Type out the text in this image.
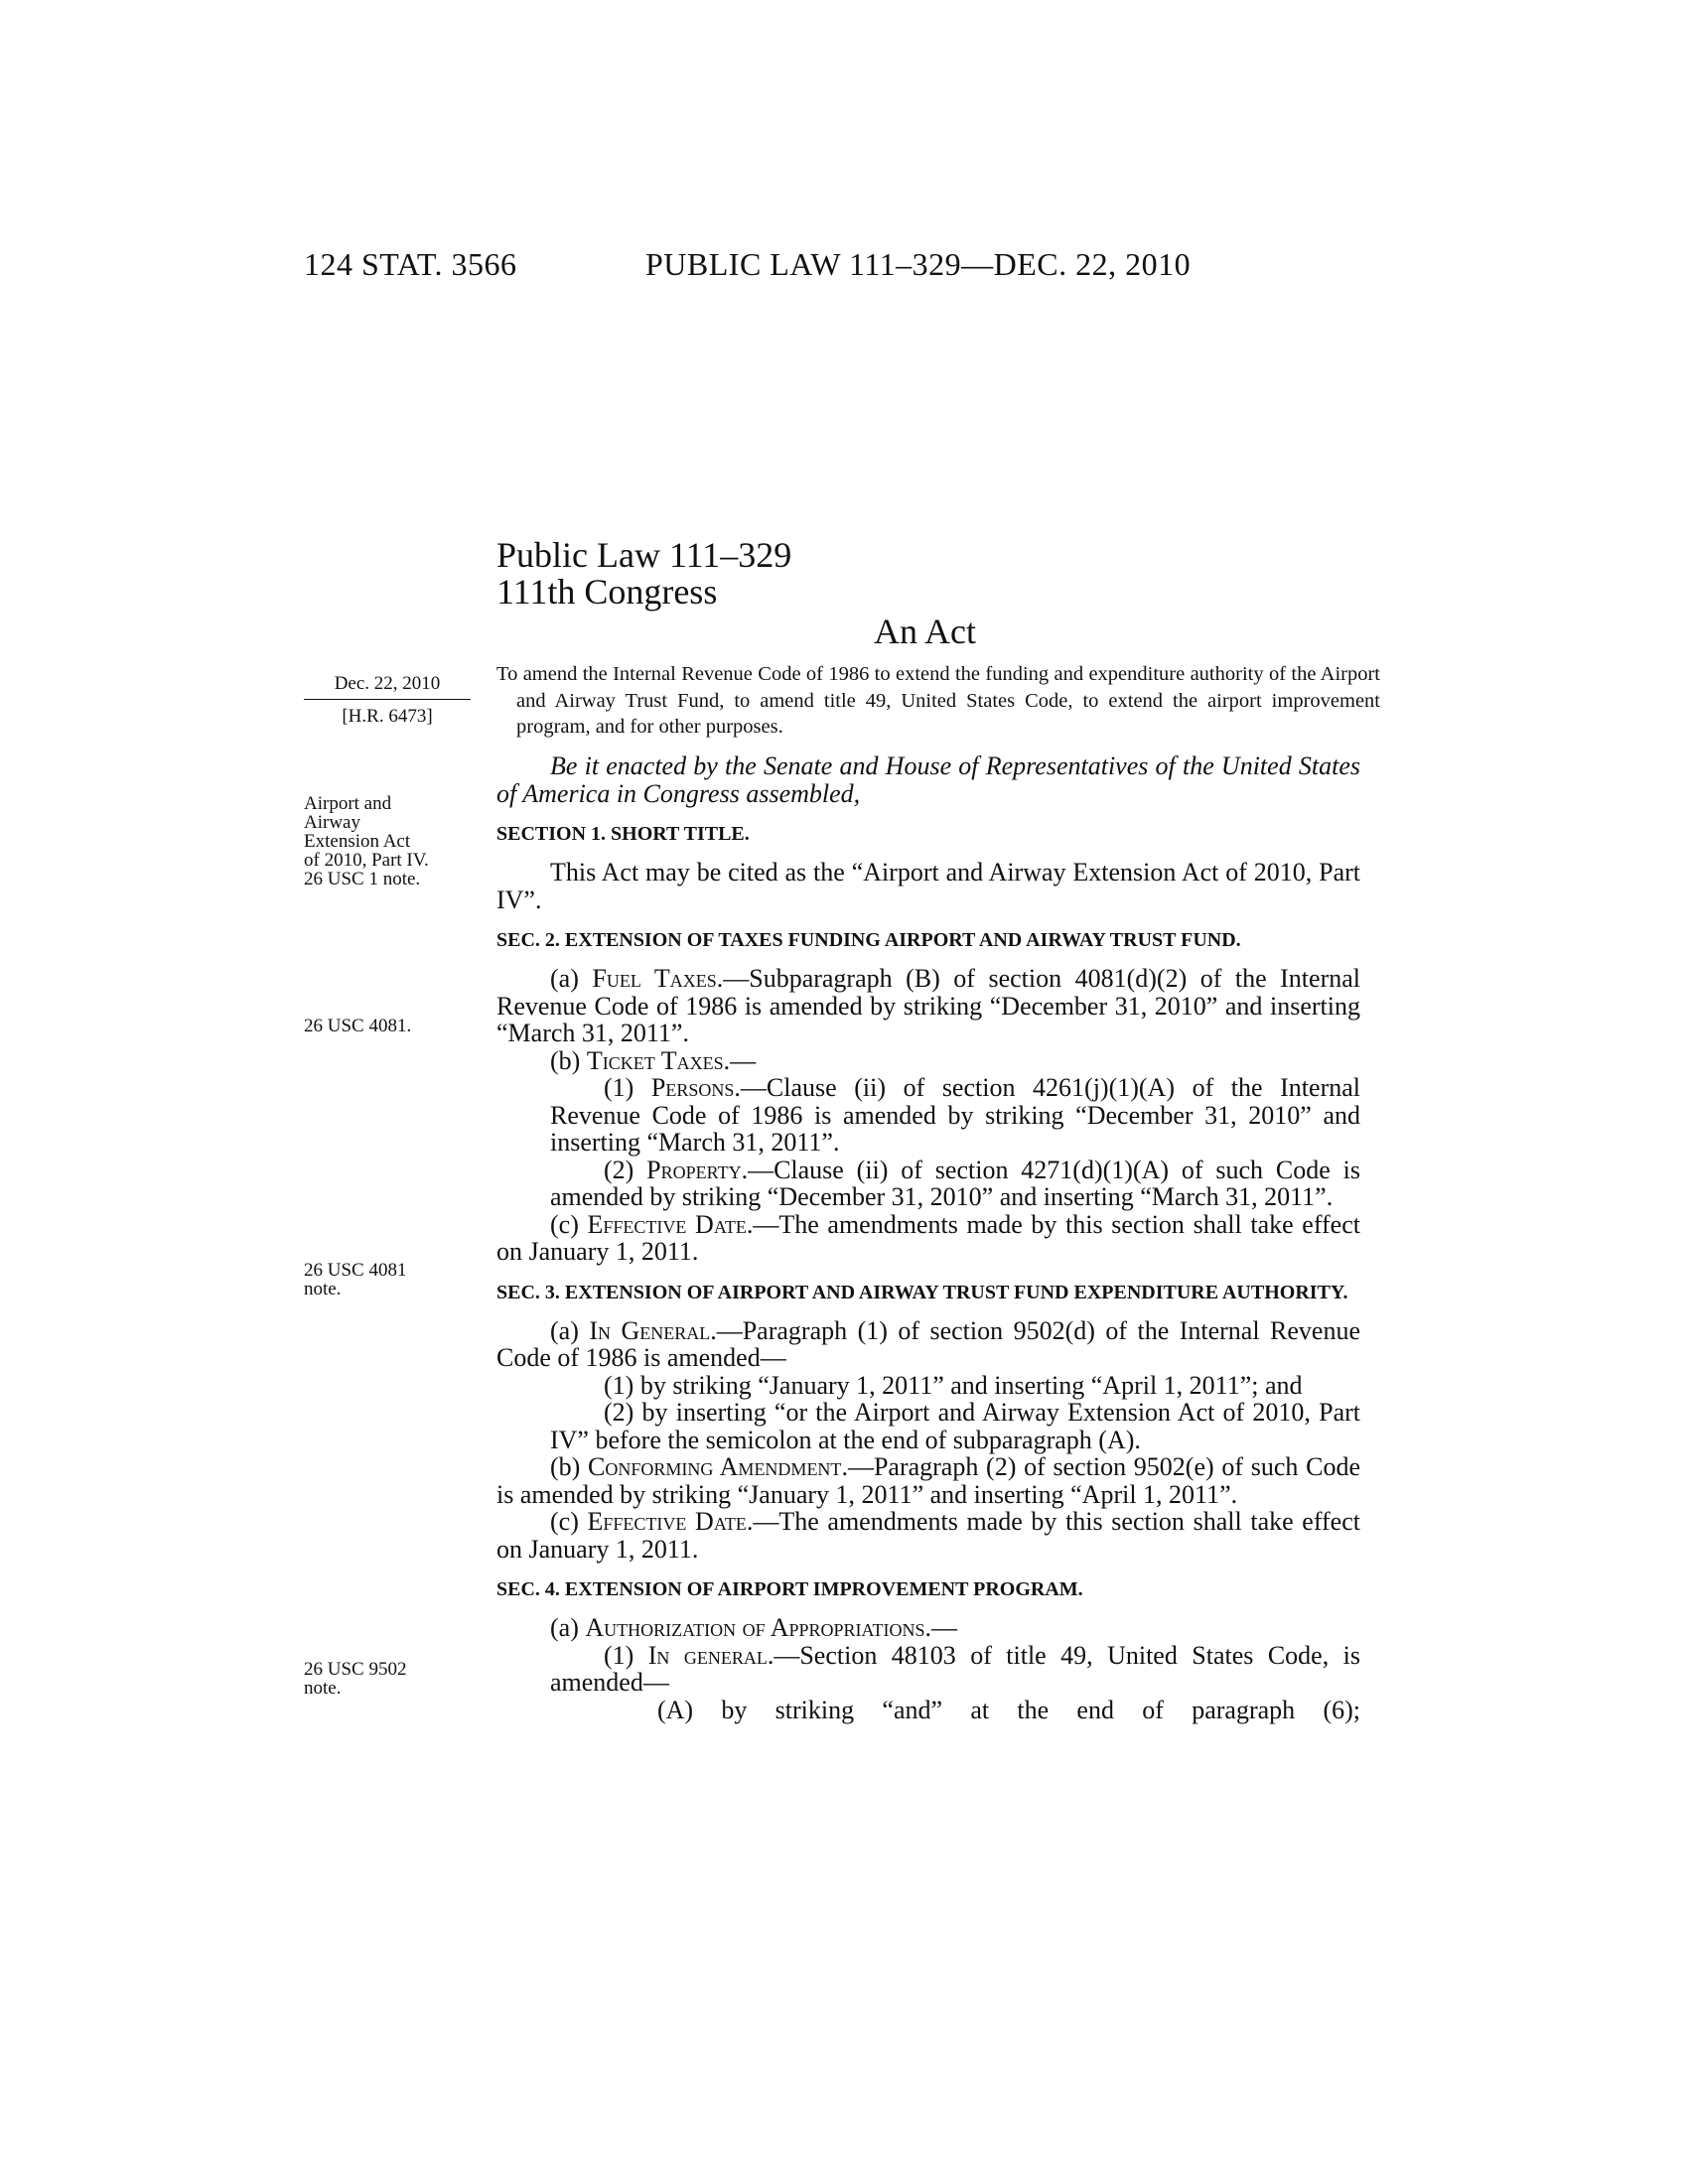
124 STAT. 3566	PUBLIC LAW 111–329—DEC. 22, 2010
Public Law 111–329
111th Congress
An Act
Dec. 22, 2010
[H.R. 6473]
Airport and
Airway
Extension Act
of 2010, Part IV.
26 USC 1 note.
26 USC 4081.
26 USC 4081
note.
26 USC 9502
note.
To amend the Internal Revenue Code of 1986 to extend the funding and expenditure authority of the Airport and Airway Trust Fund, to amend title 49, United States Code, to extend the airport improvement program, and for other purposes.
Be it enacted by the Senate and House of Representatives of the United States of America in Congress assembled,
SECTION 1. SHORT TITLE.
This Act may be cited as the “Airport and Airway Extension Act of 2010, Part IV”.
SEC. 2. EXTENSION OF TAXES FUNDING AIRPORT AND AIRWAY TRUST FUND.
(a) Fuel Taxes.—Subparagraph (B) of section 4081(d)(2) of the Internal Revenue Code of 1986 is amended by striking “December 31, 2010” and inserting “March 31, 2011”.
(b) Ticket Taxes.—
(1) Persons.—Clause (ii) of section 4261(j)(1)(A) of the Internal Revenue Code of 1986 is amended by striking “December 31, 2010” and inserting “March 31, 2011”.
(2) Property.—Clause (ii) of section 4271(d)(1)(A) of such Code is amended by striking “December 31, 2010” and inserting “March 31, 2011”.
(c) Effective Date.—The amendments made by this section shall take effect on January 1, 2011.
SEC. 3. EXTENSION OF AIRPORT AND AIRWAY TRUST FUND EXPENDITURE AUTHORITY.
(a) In General.—Paragraph (1) of section 9502(d) of the Internal Revenue Code of 1986 is amended—
(1) by striking “January 1, 2011” and inserting “April 1, 2011”; and
(2) by inserting “or the Airport and Airway Extension Act of 2010, Part IV” before the semicolon at the end of subparagraph (A).
(b) Conforming Amendment.—Paragraph (2) of section 9502(e) of such Code is amended by striking “January 1, 2011” and inserting “April 1, 2011”.
(c) Effective Date.—The amendments made by this section shall take effect on January 1, 2011.
SEC. 4. EXTENSION OF AIRPORT IMPROVEMENT PROGRAM.
(a) Authorization of Appropriations.—
(1) In general.—Section 48103 of title 49, United States Code, is amended—
(A) by striking “and” at the end of paragraph (6);
